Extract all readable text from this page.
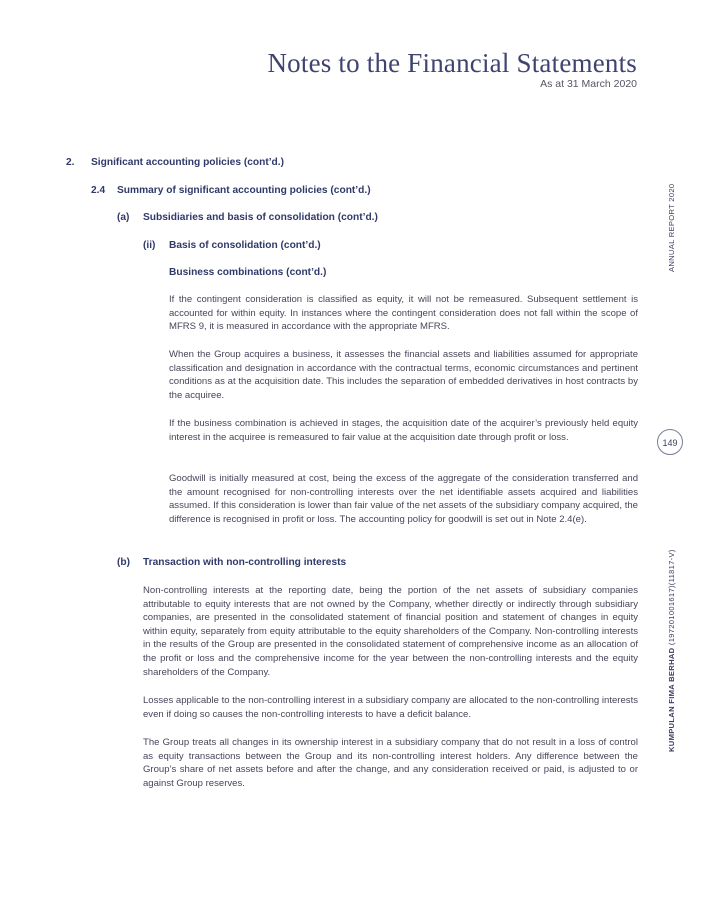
Notes to the Financial Statements
As at 31 March 2020
2. Significant accounting policies (cont’d.)
2.4 Summary of significant accounting policies (cont’d.)
(a) Subsidiaries and basis of consolidation (cont’d.)
(ii) Basis of consolidation (cont’d.)
Business combinations (cont’d.)

If the contingent consideration is classified as equity, it will not be remeasured. Subsequent settlement is accounted for within equity. In instances where the contingent consideration does not fall within the scope of MFRS 9, it is measured in accordance with the appropriate MFRS.

When the Group acquires a business, it assesses the financial assets and liabilities assumed for appropriate classification and designation in accordance with the contractual terms, economic circumstances and pertinent conditions as at the acquisition date. This includes the separation of embedded derivatives in host contracts by the acquiree.

If the business combination is achieved in stages, the acquisition date of the acquirer’s previously held equity interest in the acquiree is remeasured to fair value at the acquisition date through profit or loss.

Goodwill is initially measured at cost, being the excess of the aggregate of the consideration transferred and the amount recognised for non-controlling interests over the net identifiable assets acquired and liabilities assumed. If this consideration is lower than fair value of the net assets of the subsidiary company acquired, the difference is recognised in profit or loss. The accounting policy for goodwill is set out in Note 2.4(e).

(b) Transaction with non-controlling interests

Non-controlling interests at the reporting date, being the portion of the net assets of subsidiary companies attributable to equity interests that are not owned by the Company, whether directly or indirectly through subsidiary companies, are presented in the consolidated statement of financial position and statement of changes in equity within equity, separately from equity attributable to the equity shareholders of the Company. Non-controlling interests in the results of the Group are presented in the consolidated statement of comprehensive income as an allocation of the profit or loss and the comprehensive income for the year between the non-controlling interests and the equity shareholders of the Company.

Losses applicable to the non-controlling interest in a subsidiary company are allocated to the non-controlling interests even if doing so causes the non-controlling interests to have a deficit balance.

The Group treats all changes in its ownership interest in a subsidiary company that do not result in a loss of control as equity transactions between the Group and its non-controlling interest holders. Any difference between the Group’s share of net assets before and after the change, and any consideration received or paid, is adjusted to or against Group reserves.

ANNUAL REPORT 2020
149
KUMPULAN FIMA BERHAD (197201001617)(11817-V)
